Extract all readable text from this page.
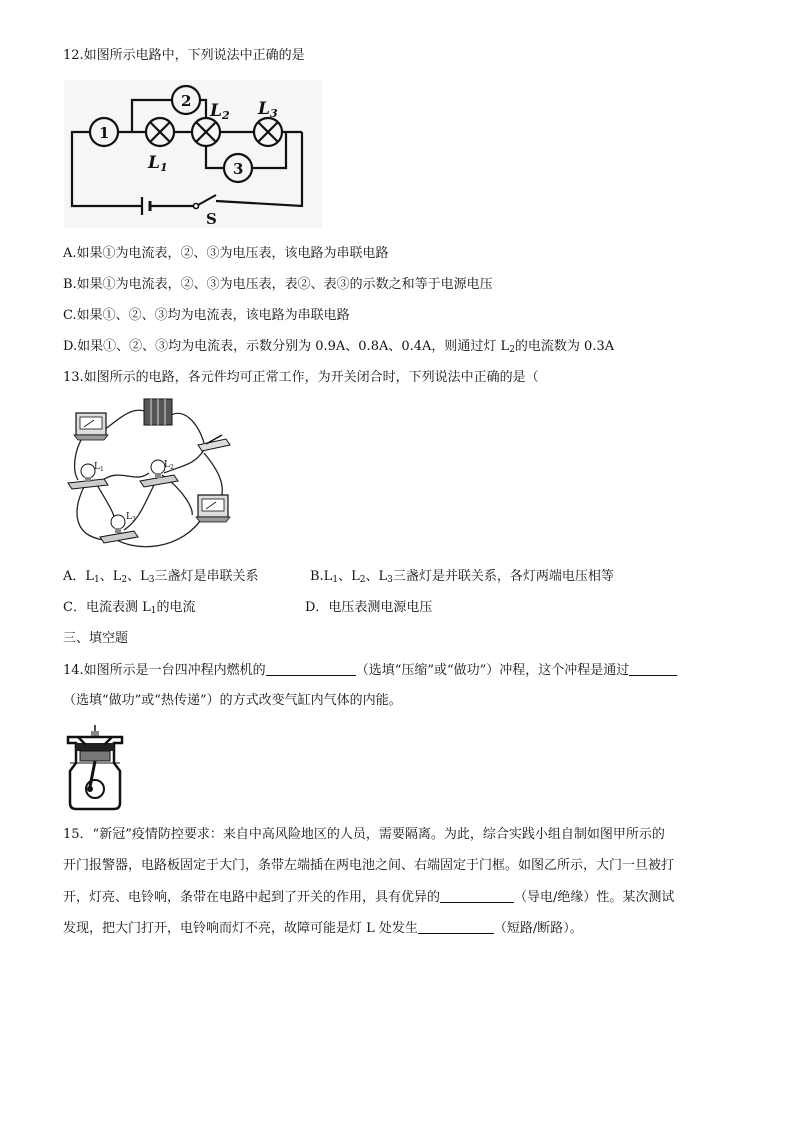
12.如图所示电路中，下列说法中正确的是
S
1
2
3
L1
L2 L3
A.如果①为电流表，②、③为电压表，该电路为串联电路
B.如果①为电流表，②、③为电压表，表②、表③的示数之和等于电源电压
C.如果①、②、③均为电流表，该电路为串联电路
D.如果①、②、③均为电流表，示数分别为 0.9A、0.8A、0.4A，则通过灯 $L_2$的电流数为 0.3A
13.如图所示的电路，各元件均可正常工作，为开关闭合时，下列说法中正确的是（
$L_1$	$L_2$
$L_3$
A．$L_1$、$L_2$、$L_3$三盏灯是串联关系	$B.L_1$、$L_2$、$L_3$三盏灯是并联关系，各灯两端电压相等
C．电流表测 $L_1$的电流	D．电压表测电源电压
三、填空题
14.如图所示是一台四冲程内燃机的	（选填“压缩”或“做功”）冲程，这个冲程是通过
（选填“做功”或“热传递”）的方式改变气缸内气体的内能。
15．“新冠”疫情防控要求：来自中高风险地区的人员，需要隔离。为此，综合实践小组自制如图甲所示的
开门报警器，电路板固定于大门，条带左端插在两电池之间、右端固定于门框。如图乙所示，大门一旦被打
开，灯亮、电铃响，条带在电路中起到了开关的作用，具有优异的	（导电/绝缘）性。某次测试
发现，把大门打开，电铃响而灯不亮，故障可能是灯 L 处发生	（短路/断路）。
